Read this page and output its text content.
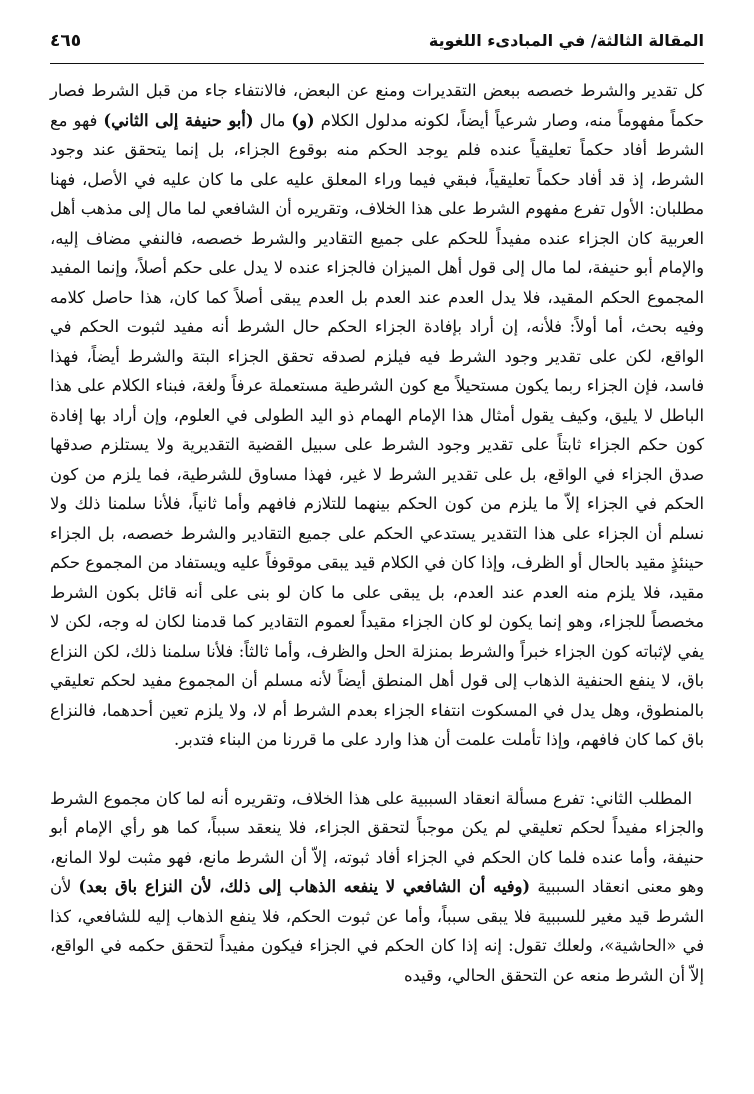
المقالة الثالثة/ في المبادىء اللغوية
٤٦٥

كل تقدير والشرط خصصه ببعض التقديرات ومنع عن البعض، فالانتفاء جاء من قبل الشرط فصار حكماً مفهوماً منه، وصار شرعياً أيضاً، لكونه مدلول الكلام (و) مال (أبو حنيفة إلى الثاني) فهو مع الشرط أفاد حكماً تعليقياً عنده فلم يوجد الحكم منه بوقوع الجزاء، بل إنما يتحقق عند وجود الشرط، إذ قد أفاد حكماً تعليقياً، فبقي فيما وراء المعلق عليه على ما كان عليه في الأصل، فهنا مطلبان: الأول تفرع مفهوم الشرط على هذا الخلاف، وتقريره أن الشافعي لما مال إلى مذهب أهل العربية كان الجزاء عنده مفيداً للحكم على جميع التقادير والشرط خصصه، فالنفي مضاف إليه، والإمام أبو حنيفة، لما مال إلى قول أهل الميزان فالجزاء عنده لا يدل على حكم أصلاً، وإنما المفيد المجموع الحكم المقيد، فلا يدل العدم عند العدم بل العدم يبقى أصلاً كما كان، هذا حاصل كلامه وفيه بحث، أما أولاً: فلأنه، إن أراد بإفادة الجزاء الحكم حال الشرط أنه مفيد لثبوت الحكم في الواقع، لكن على تقدير وجود الشرط فيه فيلزم لصدقه تحقق الجزاء البتة والشرط أيضاً، فهذا فاسد، فإن الجزاء ربما يكون مستحيلاً مع كون الشرطية مستعملة عرفاً ولغة، فبناء الكلام على هذا الباطل لا يليق، وكيف يقول أمثال هذا الإمام الهمام ذو اليد الطولى في العلوم، وإن أراد بها إفادة كون حكم الجزاء ثابتاً على تقدير وجود الشرط على سبيل القضية التقديرية ولا يستلزم صدقها صدق الجزاء في الواقع، بل على تقدير الشرط لا غير، فهذا مساوق للشرطية، فما يلزم من كون الحكم في الجزاء إلاّ ما يلزم من كون الحكم بينهما للتلازم فافهم وأما ثانياً، فلأنا سلمنا ذلك ولا نسلم أن الجزاء على هذا التقدير يستدعي الحكم على جميع التقادير والشرط خصصه، بل الجزاء حينئذٍ مقيد بالحال أو الظرف، وإذا كان في الكلام قيد يبقى موقوفاً عليه ويستفاد من المجموع حكم مقيد، فلا يلزم منه العدم عند العدم، بل يبقى على ما كان لو بنى على أنه قائل بكون الشرط مخصصاً للجزاء، وهو إنما يكون لو كان الجزاء مقيداً لعموم التقادير كما قدمنا لكان له وجه، لكن لا يفي لإثباته كون الجزاء خبراً والشرط بمنزلة الحل والظرف، وأما ثالثاً: فلأنا سلمنا ذلك، لكن النزاع باق، لا ينفع الحنفية الذهاب إلى قول أهل المنطق أيضاً لأنه مسلم أن المجموع مفيد لحكم تعليقي بالمنطوق، وهل يدل في المسكوت انتفاء الجزاء بعدم الشرط أم لا، ولا يلزم تعين أحدهما، فالنزاع باق كما كان فافهم، وإذا تأملت علمت أن هذا وارد على ما قررنا من البناء فتدبر.

المطلب الثاني: تفرع مسألة انعقاد السببية على هذا الخلاف، وتقريره أنه لما كان مجموع الشرط والجزاء مفيداً لحكم تعليقي لم يكن موجباً لتحقق الجزاء، فلا ينعقد سبباً، كما هو رأي الإمام أبو حنيفة، وأما عنده فلما كان الحكم في الجزاء أفاد ثبوته، إلاّ أن الشرط مانع، فهو مثبت لولا المانع، وهو معنى انعقاد السببية (وفيه أن الشافعي لا ينفعه الذهاب إلى ذلك، لأن النزاع باق بعد) لأن الشرط قيد مغير للسببية فلا يبقى سبباً، وأما عن ثبوت الحكم، فلا ينفع الذهاب إليه للشافعي، كذا في «الحاشية»، ولعلك تقول: إنه إذا كان الحكم في الجزاء فيكون مفيداً لتحقق حكمه في الواقع، إلاّ أن الشرط منعه عن التحقق الحالي، وقيده
